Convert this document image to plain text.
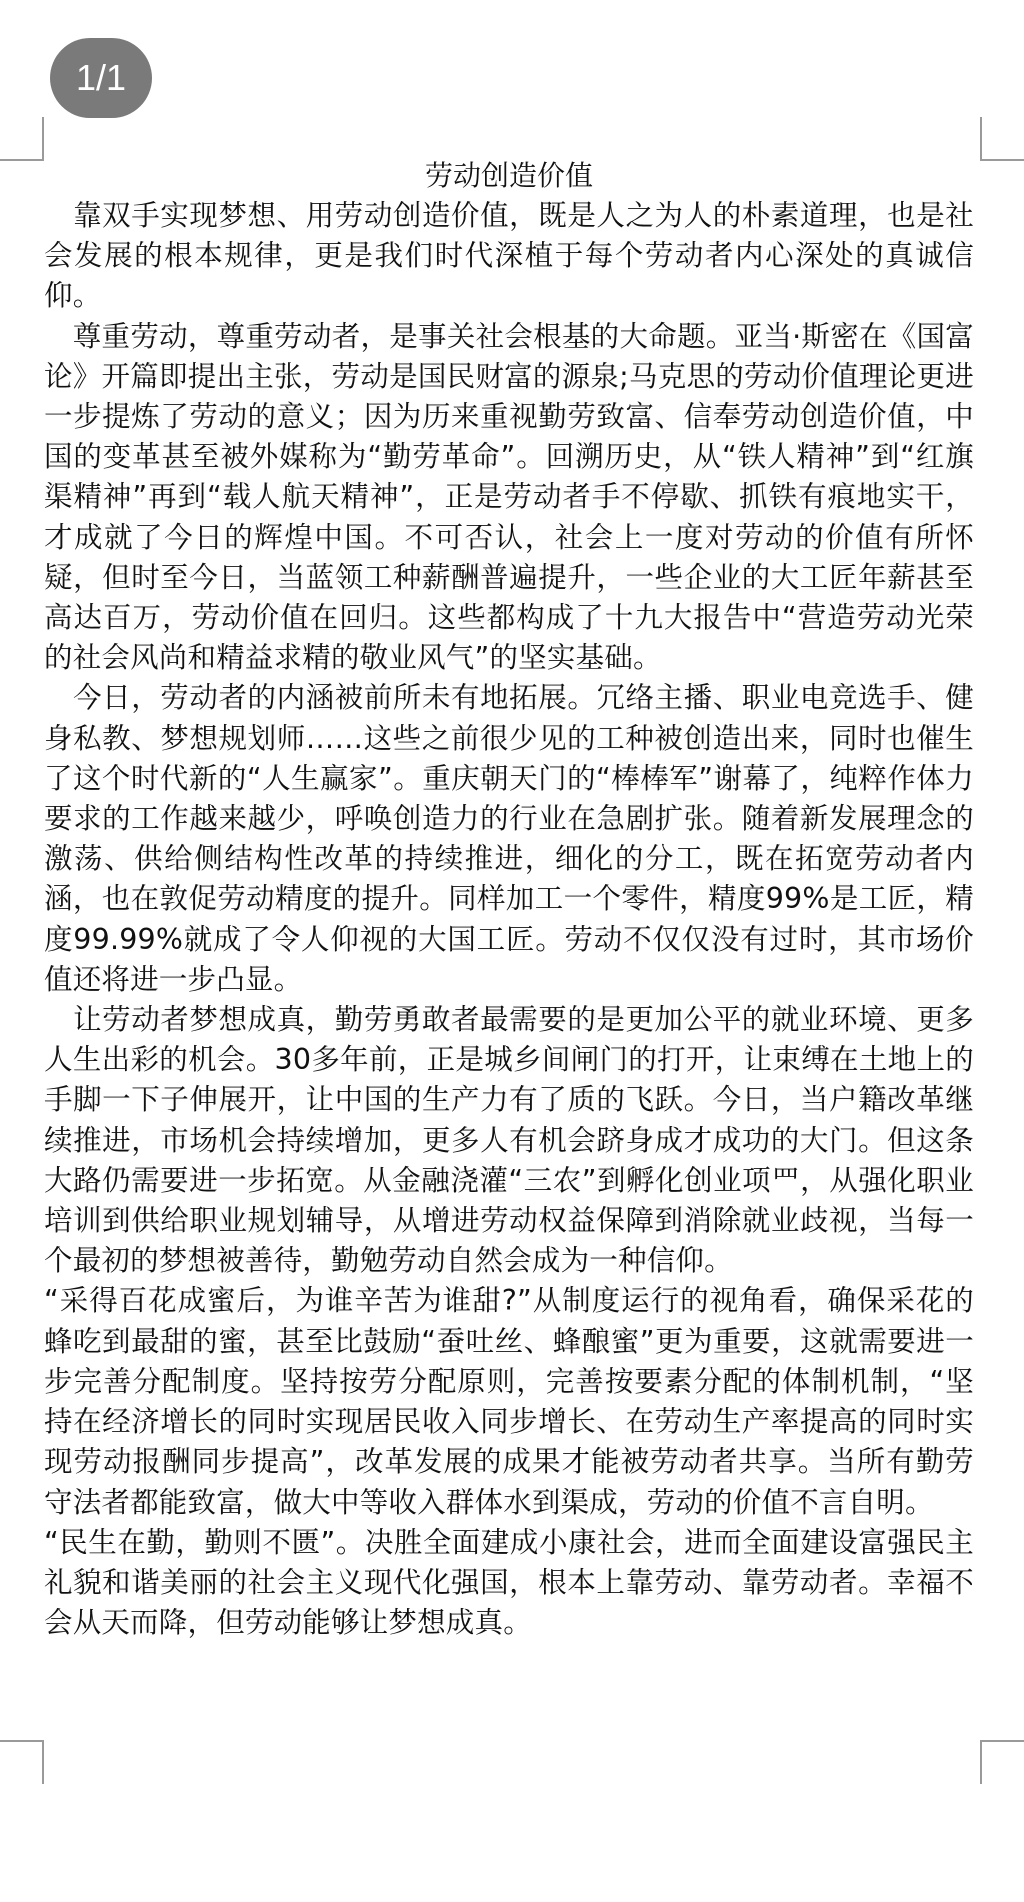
1/1
劳动创造价值

　靠双手实现梦想、用劳动创造价值，既是人之为人的朴素道理，也是社会发展的根本规律，更是我们时代深植于每个劳动者内心深处的真诚信仰。

　尊重劳动，尊重劳动者，是事关社会根基的大命题。亚当·斯密在《国富论》开篇即提出主张，劳动是国民财富的源泉;马克思的劳动价值理论更进一步提炼了劳动的意义；因为历来重视勤劳致富、信奉劳动创造价值，中国的变革甚至被外媒称为“勤劳革命”。回溯历史，从“铁人精神”到“红旗渠精神”再到“载人航天精神”，正是劳动者手不停歇、抓铁有痕地实干，才成就了今日的辉煌中国。不可否认，社会上一度对劳动的价值有所怀疑，但时至今日，当蓝领工种薪酬普遍提升，一些企业的大工匠年薪甚至高达百万，劳动价值在回归。这些都构成了十九大报告中“营造劳动光荣的社会风尚和精益求精的敬业风气”的坚实基础。

　今日，劳动者的内涵被前所未有地拓展。冗络主播、职业电竞选手、健身私教、梦想规划师……这些之前很少见的工种被创造出来，同时也催生了这个时代新的“人生赢家”。重庆朝天门的“棒棒军”谢幕了，纯粹作体力要求的工作越来越少，呼唤创造力的行业在急剧扩张。随着新发展理念的激荡、供给侧结构性改革的持续推进，细化的分工，既在拓宽劳动者内涵，也在敦促劳动精度的提升。同样加工一个零件，精度99%是工匠，精度99.99%就成了令人仰视的大国工匠。劳动不仅仅没有过时，其市场价值还将进一步凸显。

　让劳动者梦想成真，勤劳勇敢者最需要的是更加公平的就业环境、更多人生出彩的机会。30多年前，正是城乡间闸门的打开，让束缚在土地上的手脚一下子伸展开，让中国的生产力有了质的飞跃。今日，当户籍改革继续推进，市场机会持续增加，更多人有机会跻身成才成功的大门。但这条大路仍需要进一步拓宽。从金融浇灌“三农”到孵化创业项罒，从强化职业培训到供给职业规划辅导，从增进劳动权益保障到消除就业歧视，当每一个最初的梦想被善待，勤勉劳动自然会成为一种信仰。

“采得百花成蜜后，为谁辛苦为谁甜?”从制度运行的视角看，确保采花的蜂吃到最甜的蜜，甚至比鼓励“蚕吐丝、蜂酿蜜”更为重要，这就需要进一步完善分配制度。坚持按劳分配原则，完善按要素分配的体制机制，“坚持在经济增长的同时实现居民收入同步增长、在劳动生产率提高的同时实现劳动报酬同步提高”，改革发展的成果才能被劳动者共享。当所有勤劳守法者都能致富，做大中等收入群体水到渠成，劳动的价值不言自明。

“民生在勤，勤则不匮”。决胜全面建成小康社会，进而全面建设富强民主礼貌和谐美丽的社会主义现代化强国，根本上靠劳动、靠劳动者。幸福不会从天而降，但劳动能够让梦想成真。
